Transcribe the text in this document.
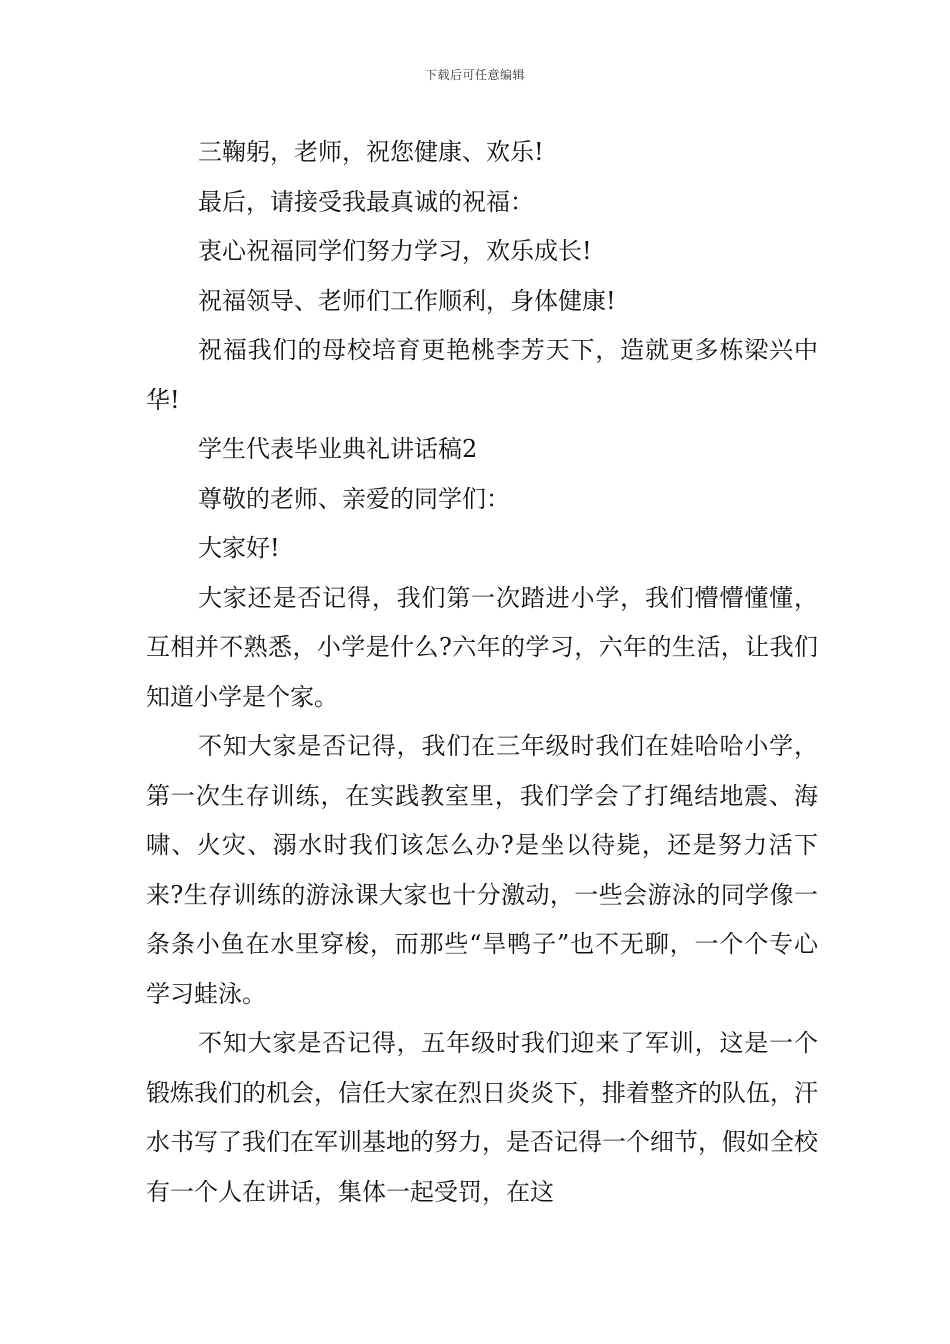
下载后可任意编辑

三鞠躬，老师，祝您健康、欢乐!

最后，请接受我最真诚的祝福：

衷心祝福同学们努力学习，欢乐成长!

祝福领导、老师们工作顺利，身体健康!

祝福我们的母校培育更艳桃李芳天下，造就更多栋梁兴中华!

学生代表毕业典礼讲话稿2

尊敬的老师、亲爱的同学们：

大家好!

大家还是否记得，我们第一次踏进小学，我们懵懵懂懂，互相并不熟悉，小学是什么?六年的学习，六年的生活，让我们知道小学是个家。

不知大家是否记得，我们在三年级时我们在娃哈哈小学，第一次生存训练，在实践教室里，我们学会了打绳结地震、海啸、火灾、溺水时我们该怎么办?是坐以待毙，还是努力活下来?生存训练的游泳课大家也十分激动，一些会游泳的同学像一条条小鱼在水里穿梭，而那些“旱鸭子”也不无聊，一个个专心学习蛙泳。

不知大家是否记得，五年级时我们迎来了军训，这是一个锻炼我们的机会，信任大家在烈日炎炎下，排着整齐的队伍，汗水书写了我们在军训基地的努力，是否记得一个细节，假如全校有一个人在讲话，集体一起受罚，在这
